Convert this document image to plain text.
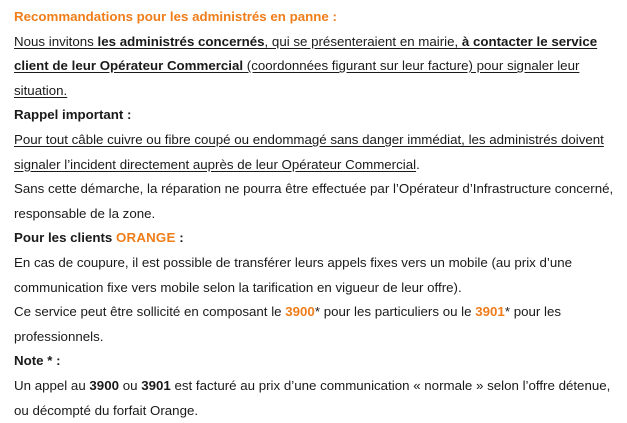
Recommandations pour les administrés en panne :
Nous invitons les administrés concernés, qui se présenteraient en mairie, à contacter le service
client de leur Opérateur Commercial (coordonnées figurant sur leur facture) pour signaler leur
situation.
Rappel important :
Pour tout câble cuivre ou fibre coupé ou endommagé sans danger immédiat, les administrés doivent
signaler l’incident directement auprès de leur Opérateur Commercial.
Sans cette démarche, la réparation ne pourra être effectuée par l’Opérateur d’Infrastructure concerné,
responsable de la zone.
Pour les clients ORANGE :
En cas de coupure, il est possible de transférer leurs appels fixes vers un mobile (au prix d’une
communication fixe vers mobile selon la tarification en vigueur de leur offre).
Ce service peut être sollicité en composant le 3900* pour les particuliers ou le 3901* pour les
professionnels.
Note * :
Un appel au 3900 ou 3901 est facturé au prix d’une communication « normale » selon l’offre détenue,
ou décompté du forfait Orange.
